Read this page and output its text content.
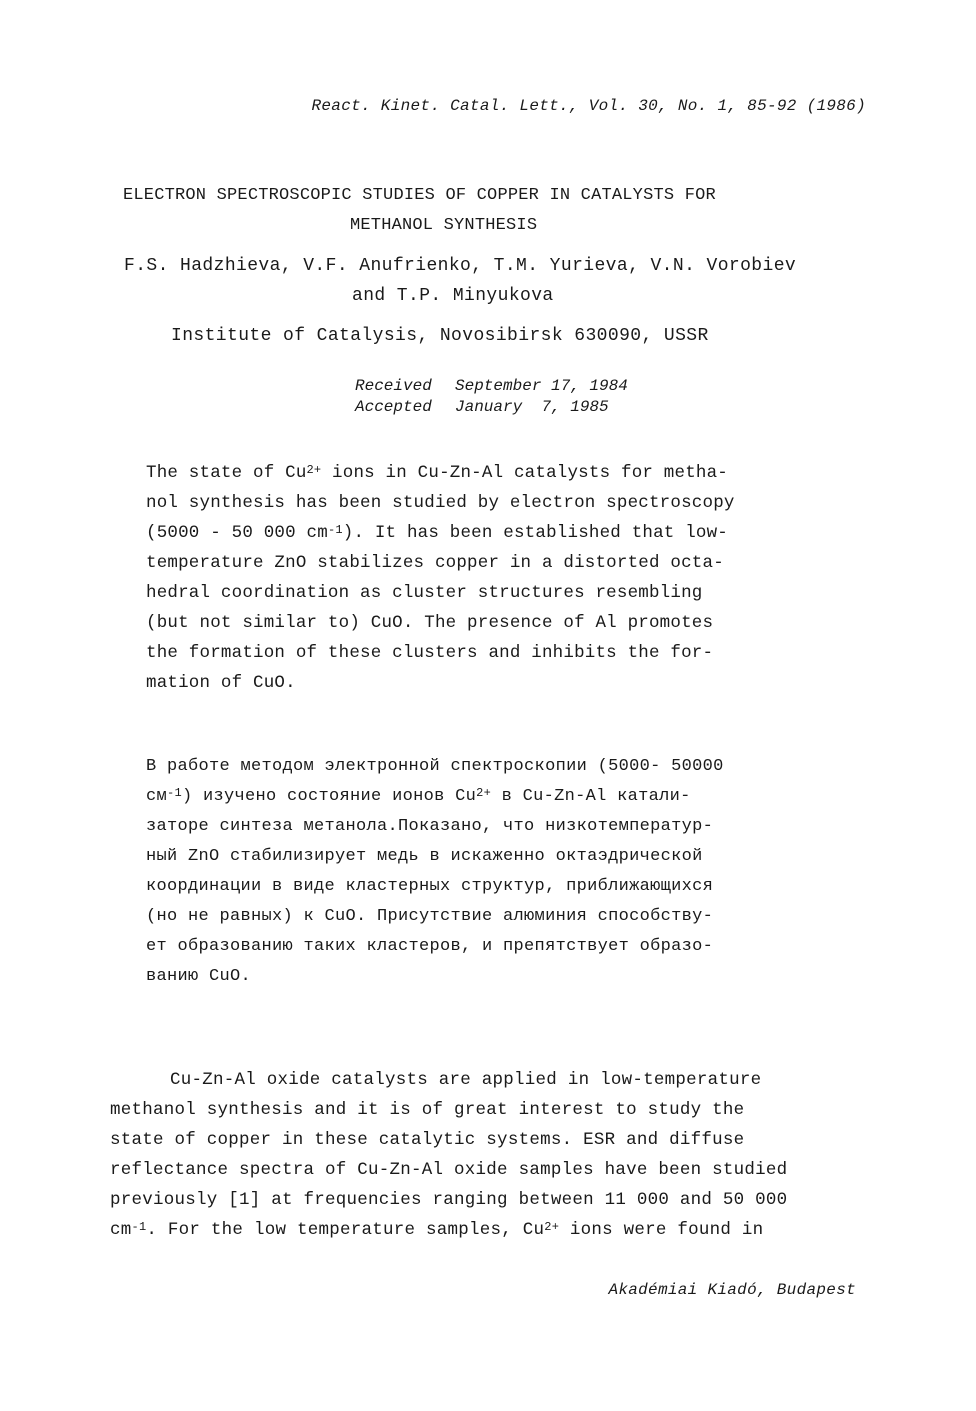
React. Kinet. Catal. Lett., Vol. 30, No. 1, 85-92 (1986)
ELECTRON SPECTROSCOPIC STUDIES OF COPPER IN CATALYSTS FOR
METHANOL SYNTHESIS
F.S. Hadzhieva, V.F. Anufrienko, T.M. Yurieva, V.N. Vorobiev
and T.P. Minyukova
Institute of Catalysis, Novosibirsk 630090, USSR
Received September 17, 1984
Accepted January  7, 1985
The state of $Cu^{2+}$ ions in Cu-Zn-Al catalysts for metha-
nol synthesis has been studied by electron spectroscopy
(5000 - 50 000 $cm^{-1}$). It has been established that low-
temperature ZnO stabilizes copper in a distorted octa-
hedral coordination as cluster structures resembling
(but not similar to) CuO. The presence of Al promotes
the formation of these clusters and inhibits the for-
mation of CuO.
В работе методом электронной спектроскопии (5000- 50000
$см^{-1}$) изучено состояние ионов $Cu^{2+}$ в Cu-Zn-Al катали-
заторе синтеза метанола.Показано, что низкотемператур-
ный ZnO стабилизирует медь в искаженно октаэдрической
координации в виде кластерных структур, приближающихся
(но не равных) к CuO. Присутствие алюминия способству-
ет образованию таких кластеров, и препятствует образо-
ванию CuO.
Cu-Zn-Al oxide catalysts are applied in low-temperature
methanol synthesis and it is of great interest to study the
state of copper in these catalytic systems. ESR and diffuse
reflectance spectra of Cu-Zn-Al oxide samples have been studied
previously [1] at frequencies ranging between 11 000 and 50 000
$cm^{-1}$. For the low temperature samples, $Cu^{2+}$ ions were found in
Akadémiai Kiadó, Budapest
